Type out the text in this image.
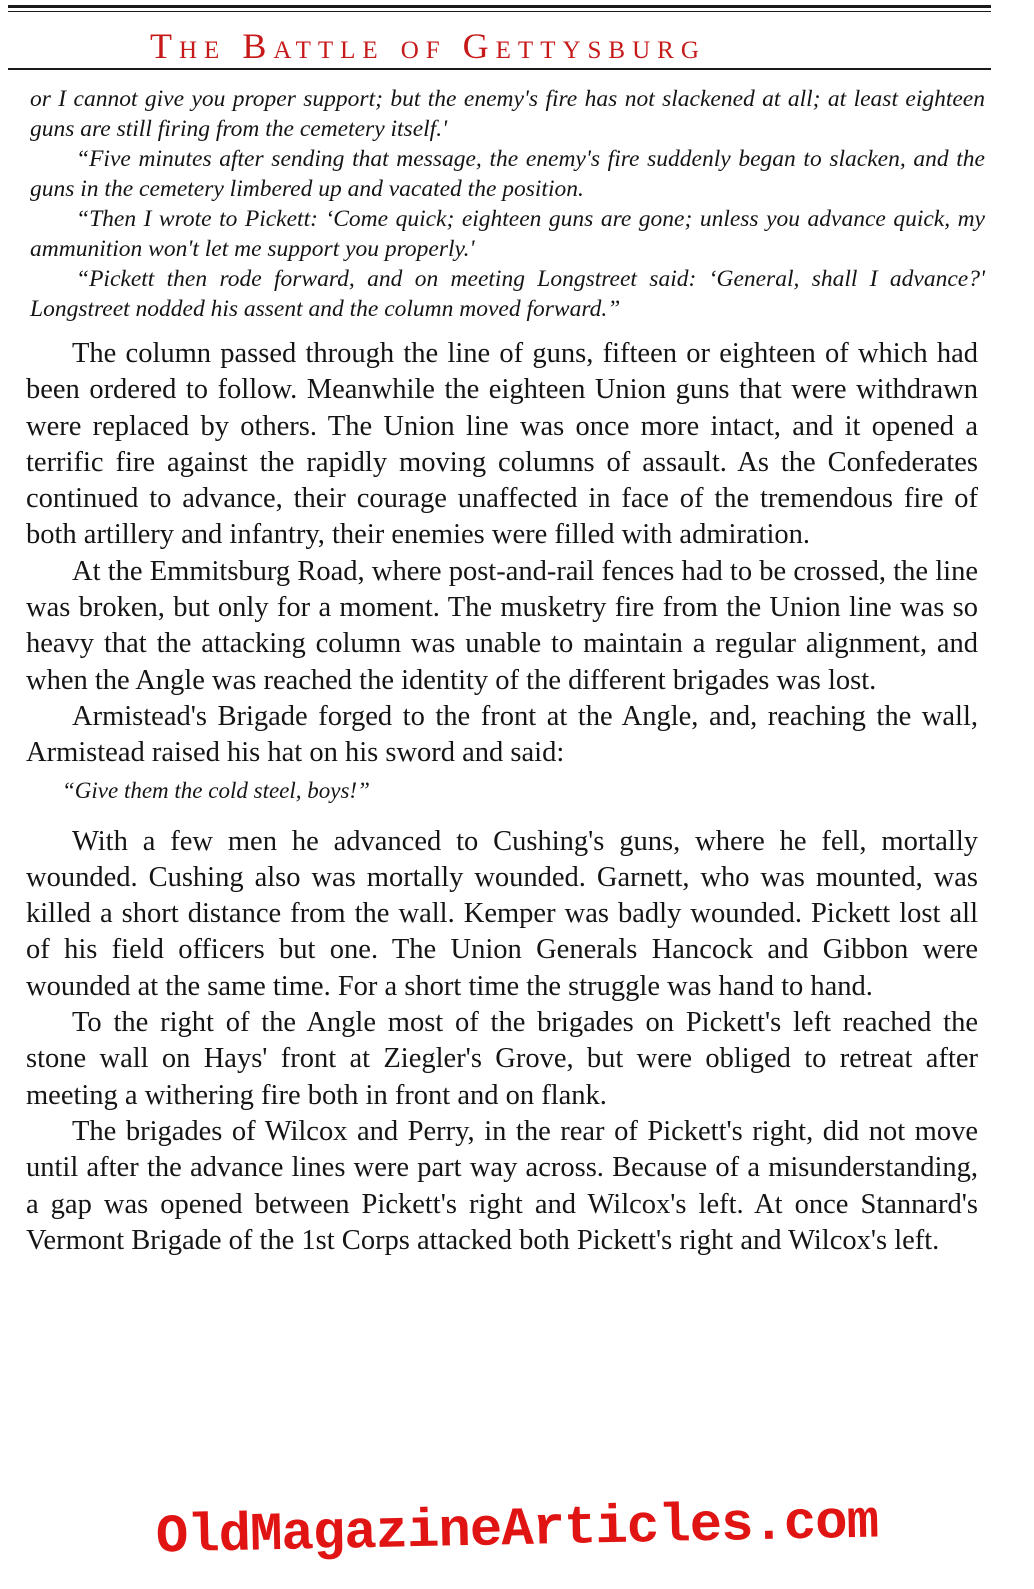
The Battle of Gettysburg

or I cannot give you proper support; but the enemy's fire has not slackened at all; at least eighteen guns are still firing from the cemetery itself.'

“Five minutes after sending that message, the enemy's fire suddenly began to slacken, and the guns in the cemetery limbered up and vacated the position.

“Then I wrote to Pickett: ‘Come quick; eighteen guns are gone; unless you advance quick, my ammunition won't let me support you properly.'

“Pickett then rode forward, and on meeting Longstreet said: ‘General, shall I advance?' Longstreet nodded his assent and the column moved forward.”

The column passed through the line of guns, fifteen or eighteen of which had been ordered to follow. Meanwhile the eighteen Union guns that were withdrawn were replaced by others. The Union line was once more intact, and it opened a terrific fire against the rapidly moving columns of assault. As the Confederates continued to advance, their courage unaffected in face of the tremendous fire of both artillery and infantry, their enemies were filled with admiration.

At the Emmitsburg Road, where post-and-rail fences had to be crossed, the line was broken, but only for a moment. The musketry fire from the Union line was so heavy that the attacking column was unable to maintain a regular alignment, and when the Angle was reached the identity of the different brigades was lost.

Armistead's Brigade forged to the front at the Angle, and, reaching the wall, Armistead raised his hat on his sword and said:

“Give them the cold steel, boys!”

With a few men he advanced to Cushing's guns, where he fell, mortally wounded. Cushing also was mortally wounded. Garnett, who was mounted, was killed a short distance from the wall. Kemper was badly wounded. Pickett lost all of his field officers but one. The Union Generals Hancock and Gibbon were wounded at the same time. For a short time the struggle was hand to hand.

To the right of the Angle most of the brigades on Pickett's left reached the stone wall on Hays' front at Ziegler's Grove, but were obliged to retreat after meeting a withering fire both in front and on flank.

The brigades of Wilcox and Perry, in the rear of Pickett's right, did not move until after the advance lines were part way across. Because of a misunderstanding, a gap was opened between Pickett's right and Wilcox's left. At once Stannard's Vermont Brigade of the 1st Corps attacked both Pickett's right and Wilcox's left.

OldMagazineArticles.com
